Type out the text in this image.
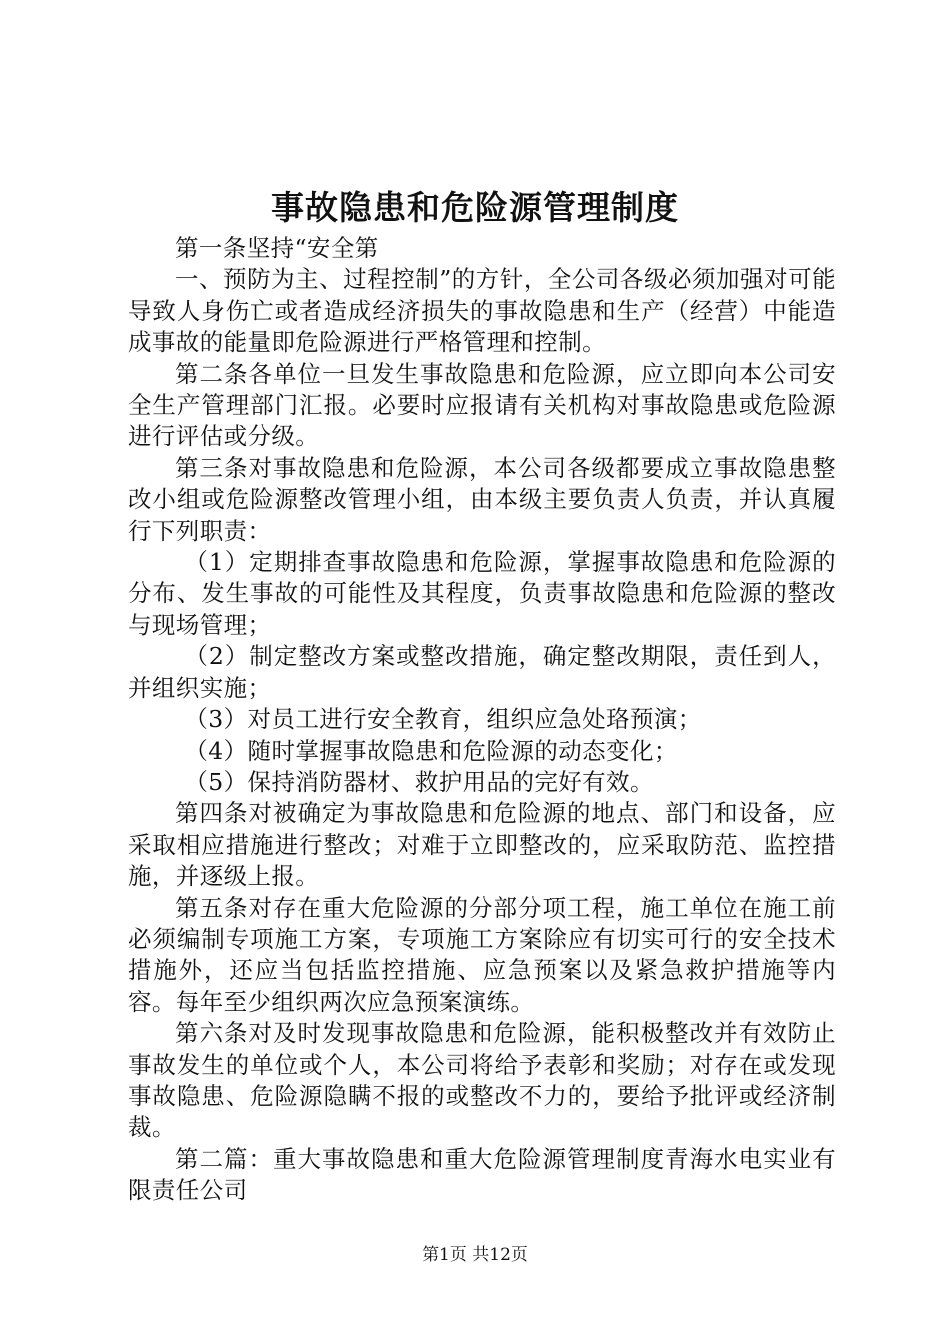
事故隐患和危险源管理制度

第一条坚持“安全第

一、预防为主、过程控制”的方针，全公司各级必须加强对可能导致人身伤亡或者造成经济损失的事故隐患和生产（经营）中能造成事故的能量即危险源进行严格管理和控制。

第二条各单位一旦发生事故隐患和危险源，应立即向本公司安全生产管理部门汇报。必要时应报请有关机构对事故隐患或危险源进行评估或分级。

第三条对事故隐患和危险源，本公司各级都要成立事故隐患整改小组或危险源整改管理小组，由本级主要负责人负责，并认真履行下列职责：

（1）定期排查事故隐患和危险源，掌握事故隐患和危险源的分布、发生事故的可能性及其程度，负责事故隐患和危险源的整改与现场管理；

（2）制定整改方案或整改措施，确定整改期限，责任到人，并组织实施；

（3）对员工进行安全教育，组织应急处珞预演；

（4）随时掌握事故隐患和危险源的动态变化；

（5）保持消防器材、救护用品的完好有效。

第四条对被确定为事故隐患和危险源的地点、部门和设备，应采取相应措施进行整改；对难于立即整改的，应采取防范、监控措施，并逐级上报。

第五条对存在重大危险源的分部分项工程，施工单位在施工前必须编制专项施工方案，专项施工方案除应有切实可行的安全技术措施外，还应当包括监控措施、应急预案以及紧急救护措施等内容。每年至少组织两次应急预案演练。

第六条对及时发现事故隐患和危险源，能积极整改并有效防止事故发生的单位或个人，本公司将给予表彰和奖励；对存在或发现事故隐患、危险源隐瞒不报的或整改不力的，要给予批评或经济制裁。

第二篇：重大事故隐患和重大危险源管理制度青海水电实业有限责任公司

第1页 共12页
